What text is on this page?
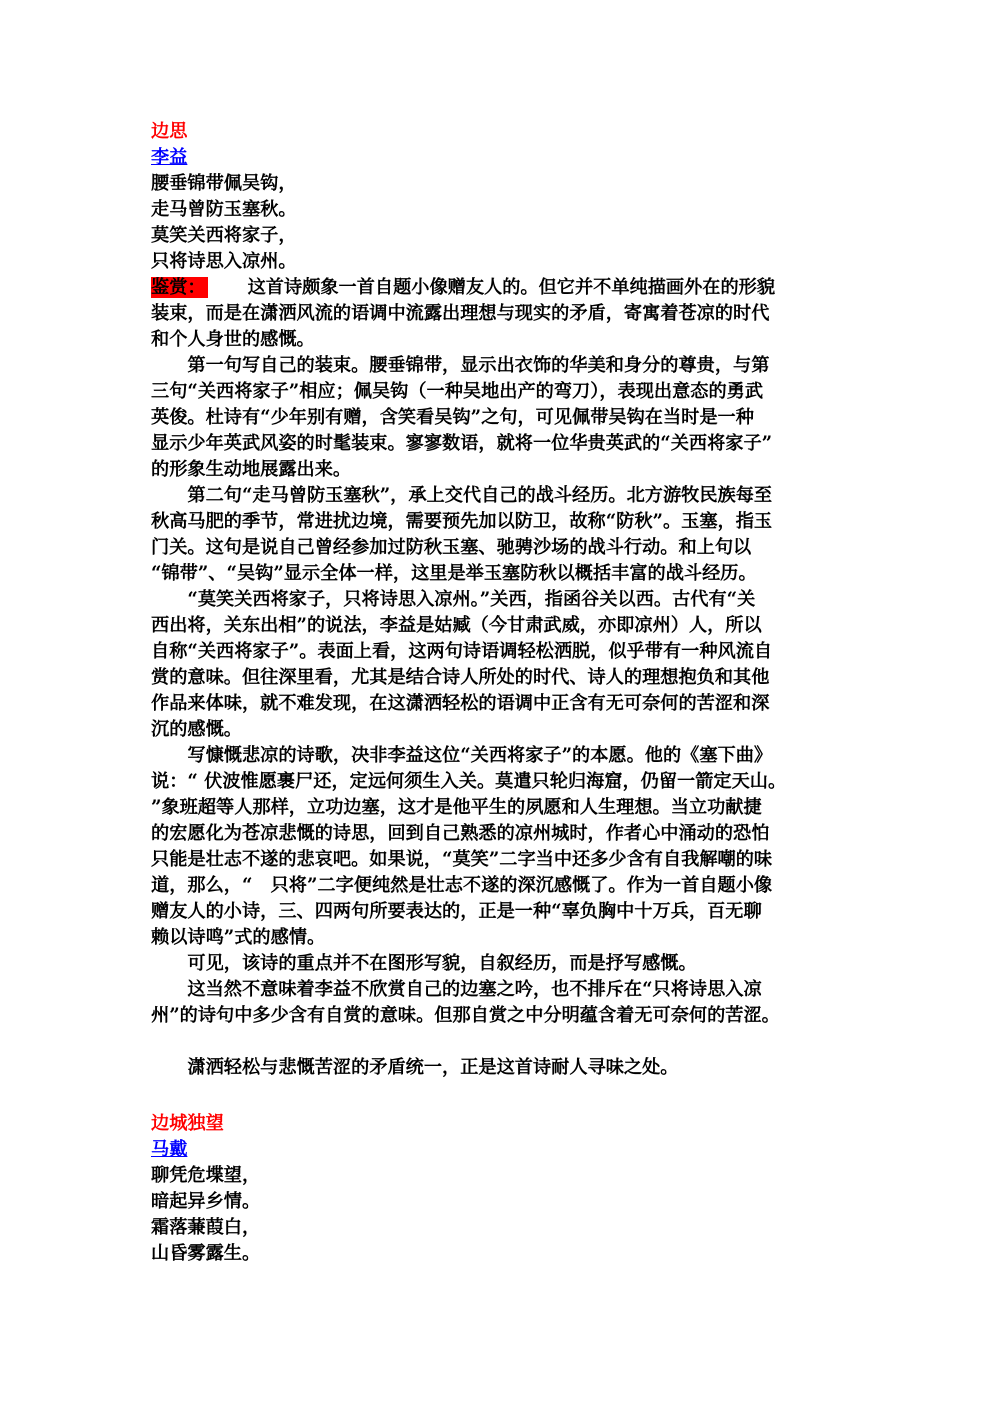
边思
李益
腰垂锦带佩吴钩，
走马曾防玉塞秋。
莫笑关西将家子，
只将诗思入凉州。
鉴赏： 这首诗颇象一首自题小像赠友人的。但它并不单纯描画外在的形貌
装束，而是在潇洒风流的语调中流露出理想与现实的矛盾，寄寓着苍凉的时代
和个人身世的感慨。
　　第一句写自己的装束。腰垂锦带，显示出衣饰的华美和身分的尊贵，与第
三句“关西将家子”相应；佩吴钩（一种吴地出产的弯刀），表现出意态的勇武
英俊。杜诗有“少年别有赠，含笑看吴钩”之句，可见佩带吴钩在当时是一种
显示少年英武风姿的时髦装束。寥寥数语，就将一位华贵英武的“关西将家子”
的形象生动地展露出来。
　　第二句“走马曾防玉塞秋”，承上交代自己的战斗经历。北方游牧民族每至
秋高马肥的季节，常进扰边境，需要预先加以防卫，故称“防秋”。玉塞，指玉
门关。这句是说自己曾经参加过防秋玉塞、驰骋沙场的战斗行动。和上句以
“锦带”、“吴钩”显示全体一样，这里是举玉塞防秋以概括丰富的战斗经历。
　　“莫笑关西将家子，只将诗思入凉州。”关西，指函谷关以西。古代有“关
西出将，关东出相”的说法，李益是姑臧（今甘肃武威，亦即凉州）人，所以
自称“关西将家子”。表面上看，这两句诗语调轻松洒脱，似乎带有一种风流自
赏的意味。但往深里看，尤其是结合诗人所处的时代、诗人的理想抱负和其他
作品来体味，就不难发现，在这潇洒轻松的语调中正含有无可奈何的苦涩和深
沉的感慨。
　　写慷慨悲凉的诗歌，决非李益这位“关西将家子”的本愿。他的《塞下曲》
说：“ 伏波惟愿裹尸还，定远何须生入关。莫遣只轮归海窟，仍留一箭定天山。
”象班超等人那样，立功边塞，这才是他平生的夙愿和人生理想。当立功献捷
的宏愿化为苍凉悲慨的诗思，回到自己熟悉的凉州城时，作者心中涌动的恐怕
只能是壮志不遂的悲哀吧。如果说，“莫笑”二字当中还多少含有自我解嘲的味
道，那么，“　只将”二字便纯然是壮志不遂的深沉感慨了。作为一首自题小像
赠友人的小诗，三、四两句所要表达的，正是一种“辜负胸中十万兵，百无聊
赖以诗鸣”式的感情。
　　可见，该诗的重点并不在图形写貌，自叙经历，而是抒写感慨。
　　这当然不意味着李益不欣赏自己的边塞之吟，也不排斥在“只将诗思入凉
州”的诗句中多少含有自赏的意味。但那自赏之中分明蕴含着无可奈何的苦涩。
　　潇洒轻松与悲慨苦涩的矛盾统一，正是这首诗耐人寻味之处。
边城独望
马戴
聊凭危堞望，
暗起异乡情。
霜落蒹葭白，
山昏雾露生。
